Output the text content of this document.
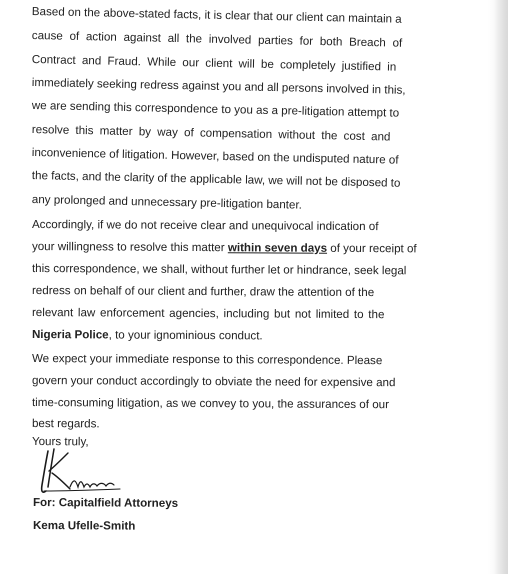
Based on the above-stated facts, it is clear that our client can maintain a
cause of action against all the involved parties for both Breach of
Contract and Fraud. While our client will be completely justified in
immediately seeking redress against you and all persons involved in this,
we are sending this correspondence to you as a pre-litigation attempt to
resolve this matter by way of compensation without the cost and
inconvenience of litigation. However, based on the undisputed nature of
the facts, and the clarity of the applicable law, we will not be disposed to
any prolonged and unnecessary pre-litigation banter.
Accordingly, if we do not receive clear and unequivocal indication of
your willingness to resolve this matter within seven days of your receipt of
this correspondence, we shall, without further let or hindrance, seek legal
redress on behalf of our client and further, draw the attention of the
relevant law enforcement agencies, including but not limited to the
Nigeria Police, to your ignominious conduct.
We expect your immediate response to this correspondence. Please
govern your conduct accordingly to obviate the need for expensive and
time-consuming litigation, as we convey to you, the assurances of our
best regards.
Yours truly,
For: Capitalfield Attorneys
Kema Ufelle-Smith
